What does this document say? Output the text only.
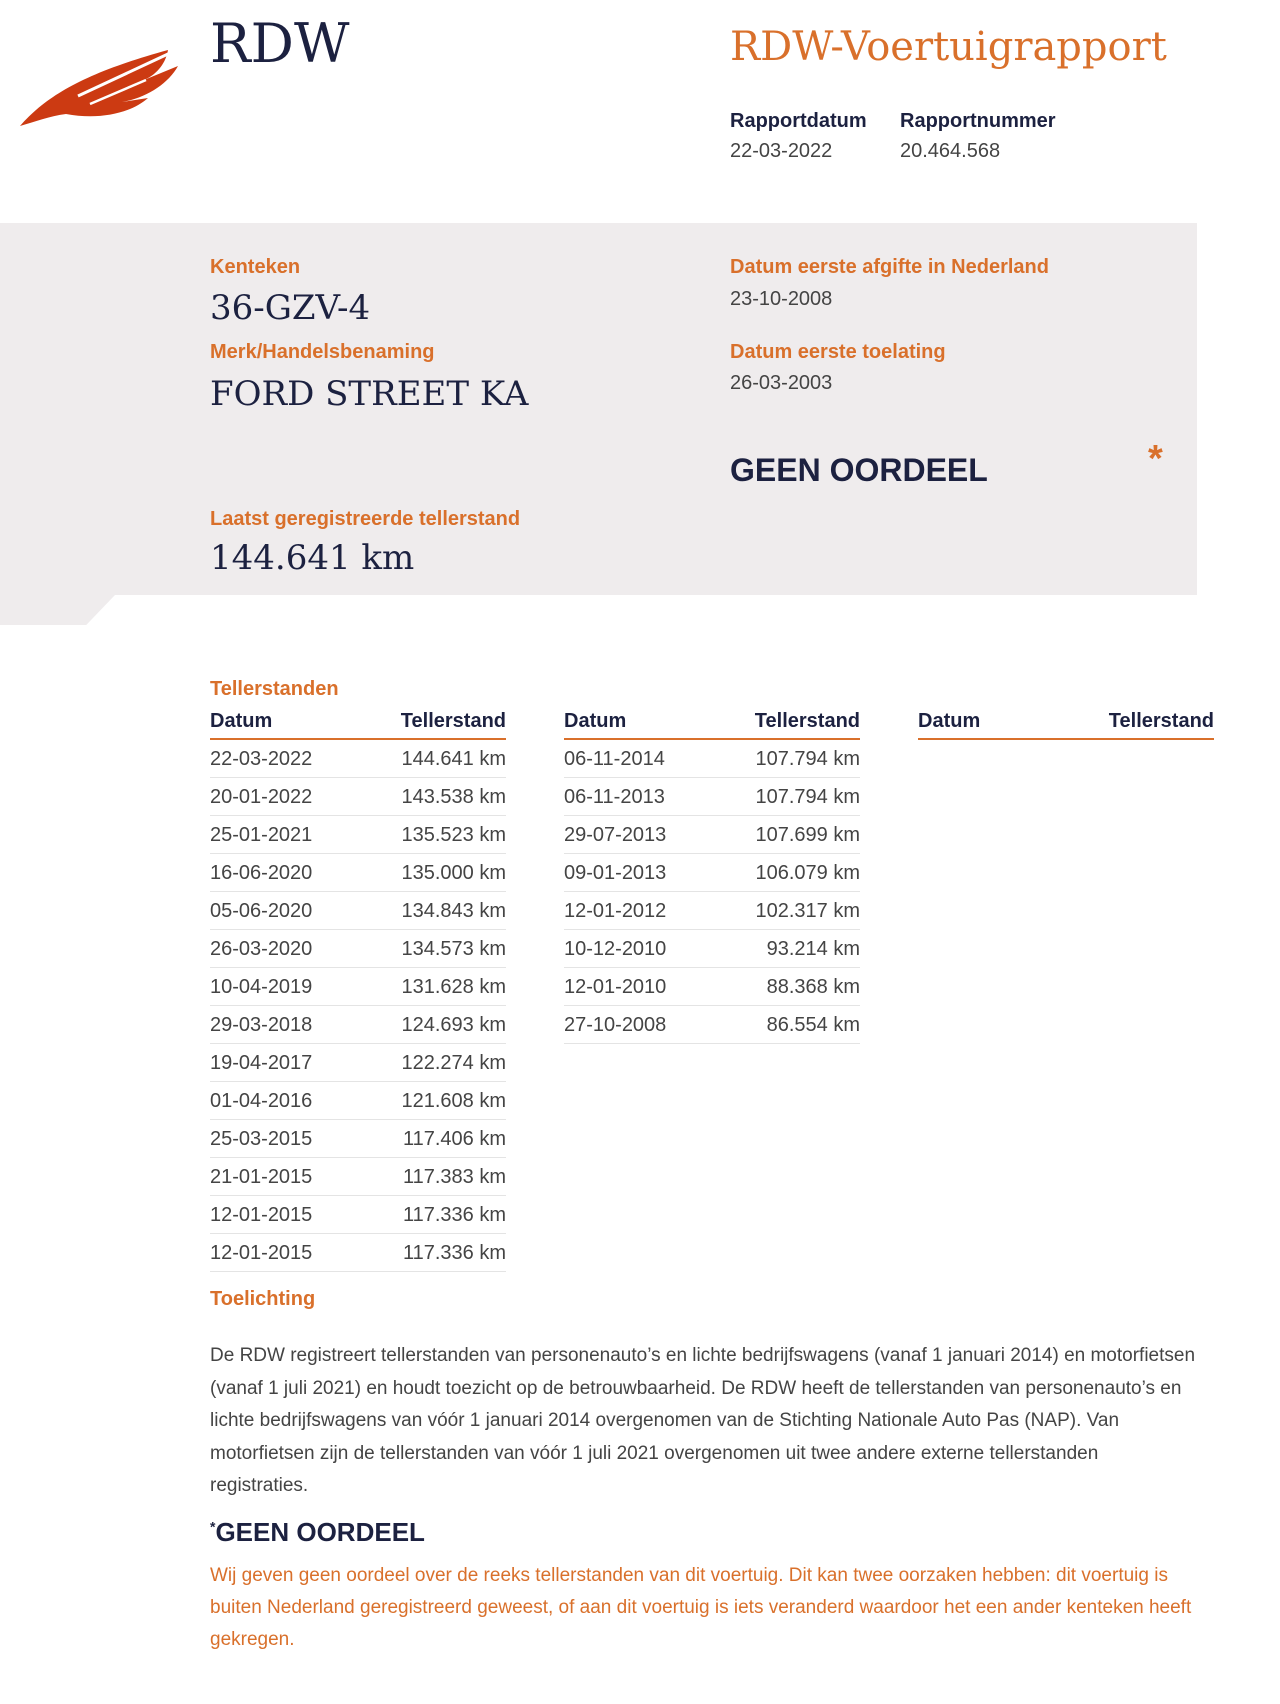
RDW	RDW-Voertuigrapport
Rapportdatum
22-03-2022
Rapportnummer
20.464.568
Kenteken
36-GZV-4
Merk/Handelsbenaming
FORD STREET KA
Datum eerste afgifte in Nederland
23-10-2008
Datum eerste toelating
26-03-2003
GEEN OORDEEL	*
Laatst geregistreerde tellerstand
144.641 km
Tellerstanden
Datum	Tellerstand
22-03-2022	144.641 km
20-01-2022	143.538 km
25-01-2021	135.523 km
16-06-2020	135.000 km
05-06-2020	134.843 km
26-03-2020	134.573 km
10-04-2019	131.628 km
29-03-2018	124.693 km
19-04-2017	122.274 km
01-04-2016	121.608 km
25-03-2015	117.406 km
21-01-2015	117.383 km
12-01-2015	117.336 km
12-01-2015	117.336 km
Datum	Tellerstand
06-11-2014	107.794 km
06-11-2013	107.794 km
29-07-2013	107.699 km
09-01-2013	106.079 km
12-01-2012	102.317 km
10-12-2010	93.214 km
12-01-2010	88.368 km
27-10-2008	86.554 km
Datum	Tellerstand
Toelichting

De RDW registreert tellerstanden van personenauto’s en lichte bedrijfswagens (vanaf 1 januari 2014) en motorfietsen (vanaf 1 juli 2021) en houdt toezicht op de betrouwbaarheid. De RDW heeft de tellerstanden van personenauto’s en lichte bedrijfswagens van vóór 1 januari 2014 overgenomen van de Stichting Nationale Auto Pas (NAP). Van motorfietsen zijn de tellerstanden van vóór 1 juli 2021 overgenomen uit twee andere externe tellerstanden registraties.

*GEEN OORDEEL

Wij geven geen oordeel over de reeks tellerstanden van dit voertuig. Dit kan twee oorzaken hebben: dit voertuig is buiten Nederland geregistreerd geweest, of aan dit voertuig is iets veranderd waardoor het een ander kenteken heeft gekregen.
